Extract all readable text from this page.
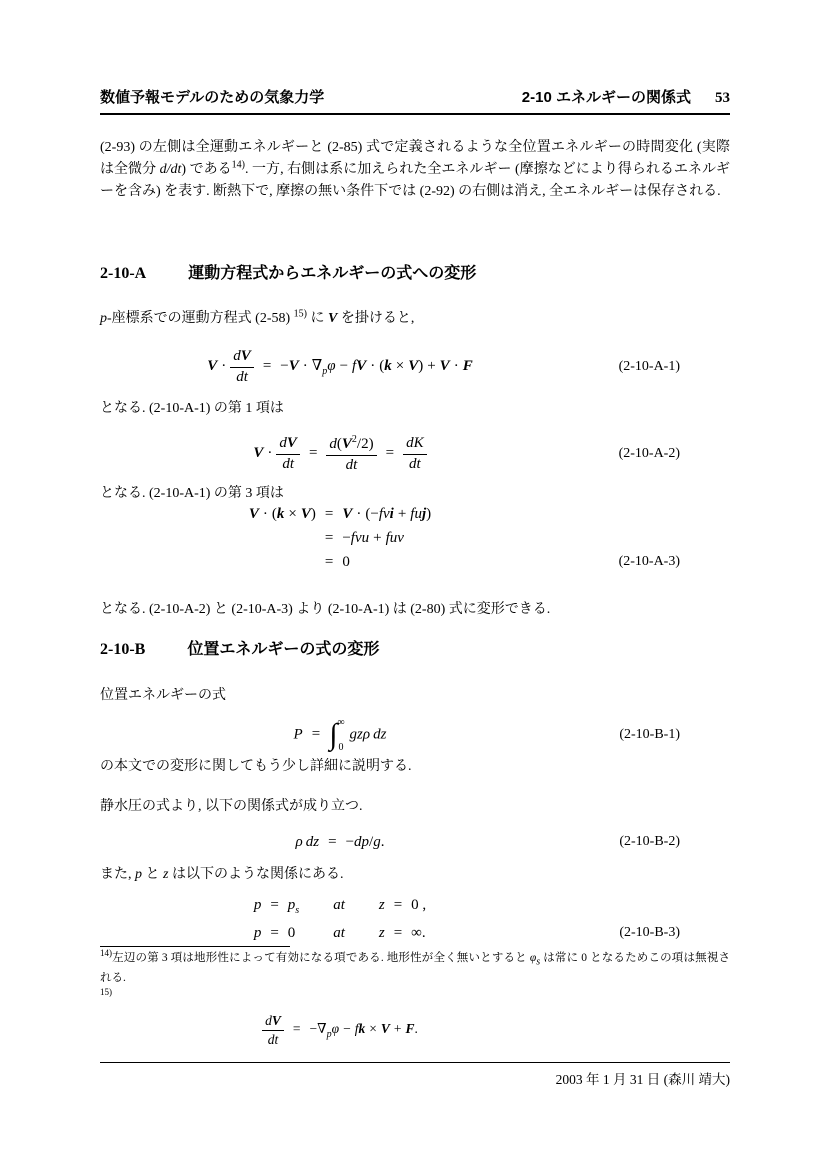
数値予報モデルのための気象力学	2-10 エネルギーの関係式 53

(2-93) の左側は全運動エネルギーと (2-85) 式で定義されるような全位置エネルギーの時間変化 (実際は全微分 d/dt) である$^{14)}$. 一方, 右側は系に加えられた全エネルギー (摩擦などにより得られるエネルギーを含み) を表す. 断熱下で, 摩擦の無い条件下では (2-92) の右側は消え, 全エネルギーは保存される.

2-10-A	運動方程式からエネルギーの式への変形

p-座標系での運動方程式 (2-58) $^{15)}$ に V を掛けると,

$V \cdot \frac{dV}{dt} = -V \cdot \nabla_p\varphi$ − fV · (k × V) + V · F	(2-10-A-1)

となる. (2-10-A-1) の第 1 項は

$V \cdot \frac{dV}{dt} = \frac{d(V^2/2)}{dt} = \frac{dK}{dt}$	(2-10-A-2)

となる. (2-10-A-1) の第 3 項は

V · (k × V) = V · (−fvi + fuj)
= −fvu + fuv
= 0	(2-10-A-3)

となる. (2-10-A-2) と (2-10-A-3) より (2-10-A-1) は (2-80) 式に変形できる.

2-10-B	位置エネルギーの式の変形

位置エネルギーの式

P = ∫ ∞
0
gzρ dz	(2-10-B-1)

の本文での変形に関してもう少し詳細に説明する.

静水圧の式より, 以下の関係式が成り立つ.

ρ dz = −dp/g.	(2-10-B-2)

また, p と z は以下のような関係にある.

$p = p_s$ at z = 0 ,
p = 0	at z = ∞.	(2-10-B-3)

$^{14)}$左辺の第 3 項は地形性によって有効になる項である. 地形性が全く無いとすると $\varphi_s$ は常に 0 となるためこの項は無視される.

$^{15)}$

$\frac{dV}{dt} = -\nabla_p\varphi$ − fk × V + F.
2003 年 1 月 31 日 (森川 靖大)
